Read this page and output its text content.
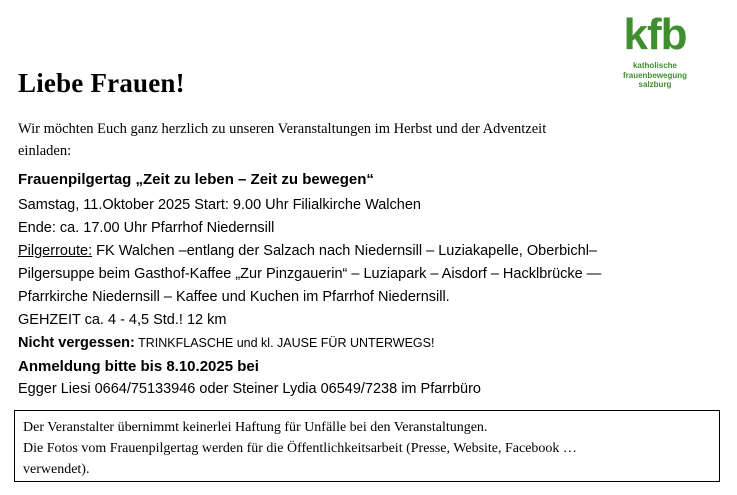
kfb
katholische
frauenbewegung
salzburg
Liebe Frauen!
Wir möchten Euch ganz herzlich zu unseren Veranstaltungen im Herbst und der Adventzeit
einladen:
Frauenpilgertag „Zeit zu leben – Zeit zu bewegen“
Samstag, 11.Oktober 2025 Start: 9.00 Uhr Filialkirche Walchen
Ende: ca. 17.00 Uhr Pfarrhof Niedernsill
Pilgerroute: FK Walchen –entlang der Salzach nach Niedernsill – Luziakapelle, Oberbichl–
Pilgersuppe beim Gasthof-Kaffee „Zur Pinzgauerin“ – Luziapark – Aisdorf – Hacklbrücke —
Pfarrkirche Niedernsill – Kaffee und Kuchen im Pfarrhof Niedernsill.
GEHZEIT ca. 4 - 4,5 Std.! 12 km
Nicht vergessen: TRINKFLASCHE und kl. JAUSE FÜR UNTERWEGS!
Anmeldung bitte bis 8.10.2025 bei
Egger Liesi 0664/75133946 oder Steiner Lydia 06549/7238 im Pfarrbüro
Der Veranstalter übernimmt keinerlei Haftung für Unfälle bei den Veranstaltungen.
Die Fotos vom Frauenpilgertag werden für die Öffentlichkeitsarbeit (Presse, Website, Facebook …
verwendet).
